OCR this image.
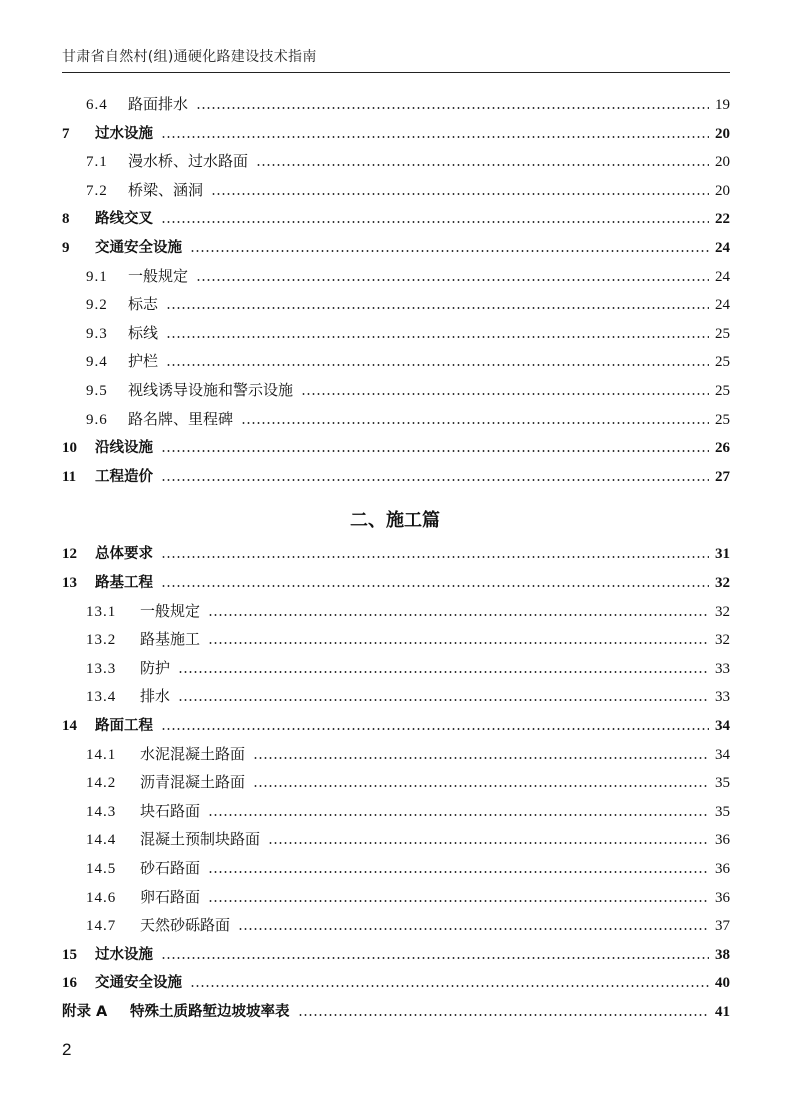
甘肃省自然村(组)通硬化路建设技术指南
6.4	路面排水	19
7	过水设施	20
7.1	漫水桥、过水路面	20
7.2	桥梁、涵洞	20
8	路线交叉	22
9	交通安全设施	24
9.1	一般规定	24
9.2	标志	24
9.3	标线	25
9.4	护栏	25
9.5	视线诱导设施和警示设施	25
9.6	路名牌、里程碑	25
10	沿线设施	26
11	工程造价	27
12	总体要求	31
13	路基工程	32
13.1	一般规定	32
13.2	路基施工	32
13.3	防护	33
13.4	排水	33
14	路面工程	34
14.1	水泥混凝土路面	34
14.2	沥青混凝土路面	35
14.3	块石路面	35
14.4	混凝土预制块路面	36
14.5	砂石路面	36
14.6	卵石路面	36
14.7	天然砂砾路面	37
15	过水设施	38
16	交通安全设施	40
附录 A	特殊土质路堑边坡坡率表	41
二、施工篇
2
